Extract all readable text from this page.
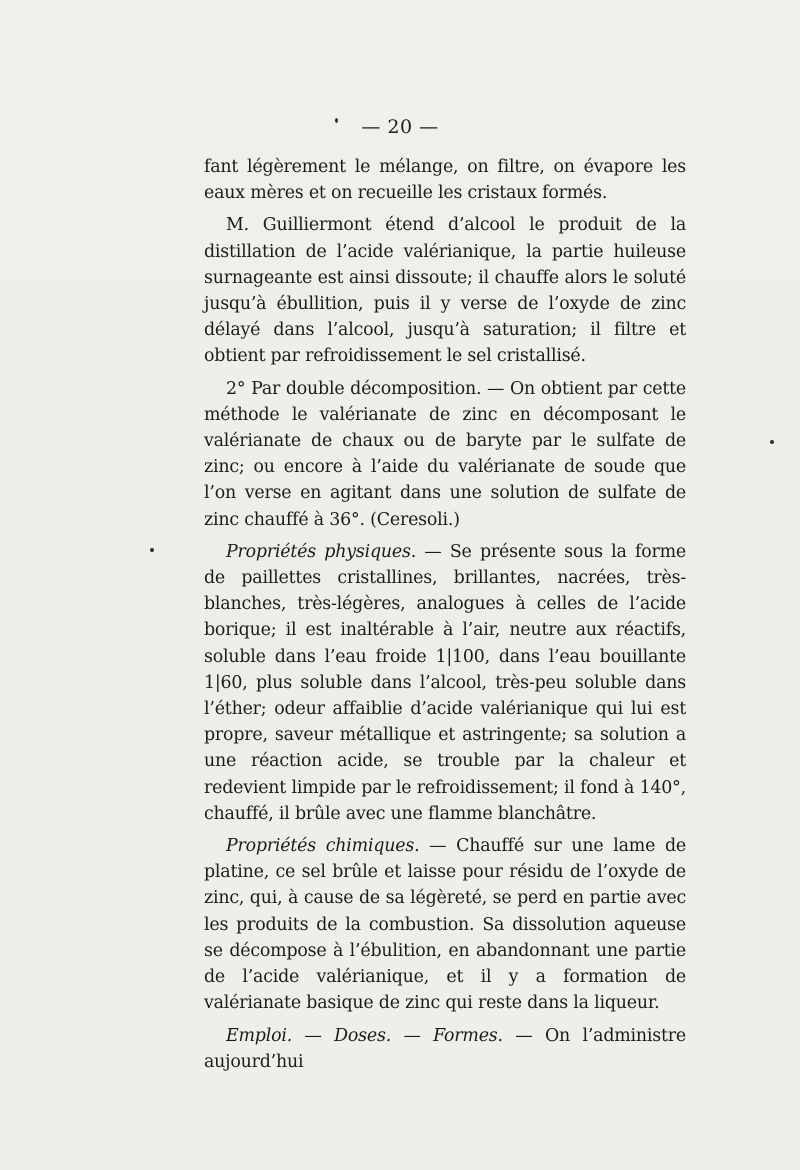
— 20 —

fant légèrement le mélange, on filtre, on évapore les eaux mères et on recueille les cristaux formés.

M. Guilliermont étend d’alcool le produit de la distillation de l’acide valérianique, la partie huileuse surnageante est ainsi dissoute; il chauffe alors le soluté jusqu’à ébullition, puis il y verse de l’oxyde de zinc délayé dans l’alcool, jusqu’à saturation; il filtre et obtient par refroidissement le sel cristallisé.

2° Par double décomposition. — On obtient par cette méthode le valérianate de zinc en décomposant le valérianate de chaux ou de baryte par le sulfate de zinc; ou encore à l’aide du valérianate de soude que l’on verse en agitant dans une solution de sulfate de zinc chauffé à 36°. (Ceresoli.)

Propriétés physiques. — Se présente sous la forme de paillettes cristallines, brillantes, nacrées, très-blanches, très-légères, analogues à celles de l’acide borique; il est inaltérable à l’air, neutre aux réactifs, soluble dans l’eau froide 1|100, dans l’eau bouillante 1|60, plus soluble dans l’alcool, très-peu soluble dans l’éther; odeur affaiblie d’acide valérianique qui lui est propre, saveur métallique et astringente; sa solution a une réaction acide, se trouble par la chaleur et redevient limpide par le refroidissement; il fond à 140°, chauffé, il brûle avec une flamme blanchâtre.

Propriétés chimiques. — Chauffé sur une lame de platine, ce sel brûle et laisse pour résidu de l’oxyde de zinc, qui, à cause de sa légèreté, se perd en partie avec les produits de la combustion. Sa dissolution aqueuse se décompose à l’ébulition, en abandonnant une partie de l’acide valérianique, et il y a formation de valérianate basique de zinc qui reste dans la liqueur.

Emploi. — Doses. — Formes. — On l’administre aujourd’hui
